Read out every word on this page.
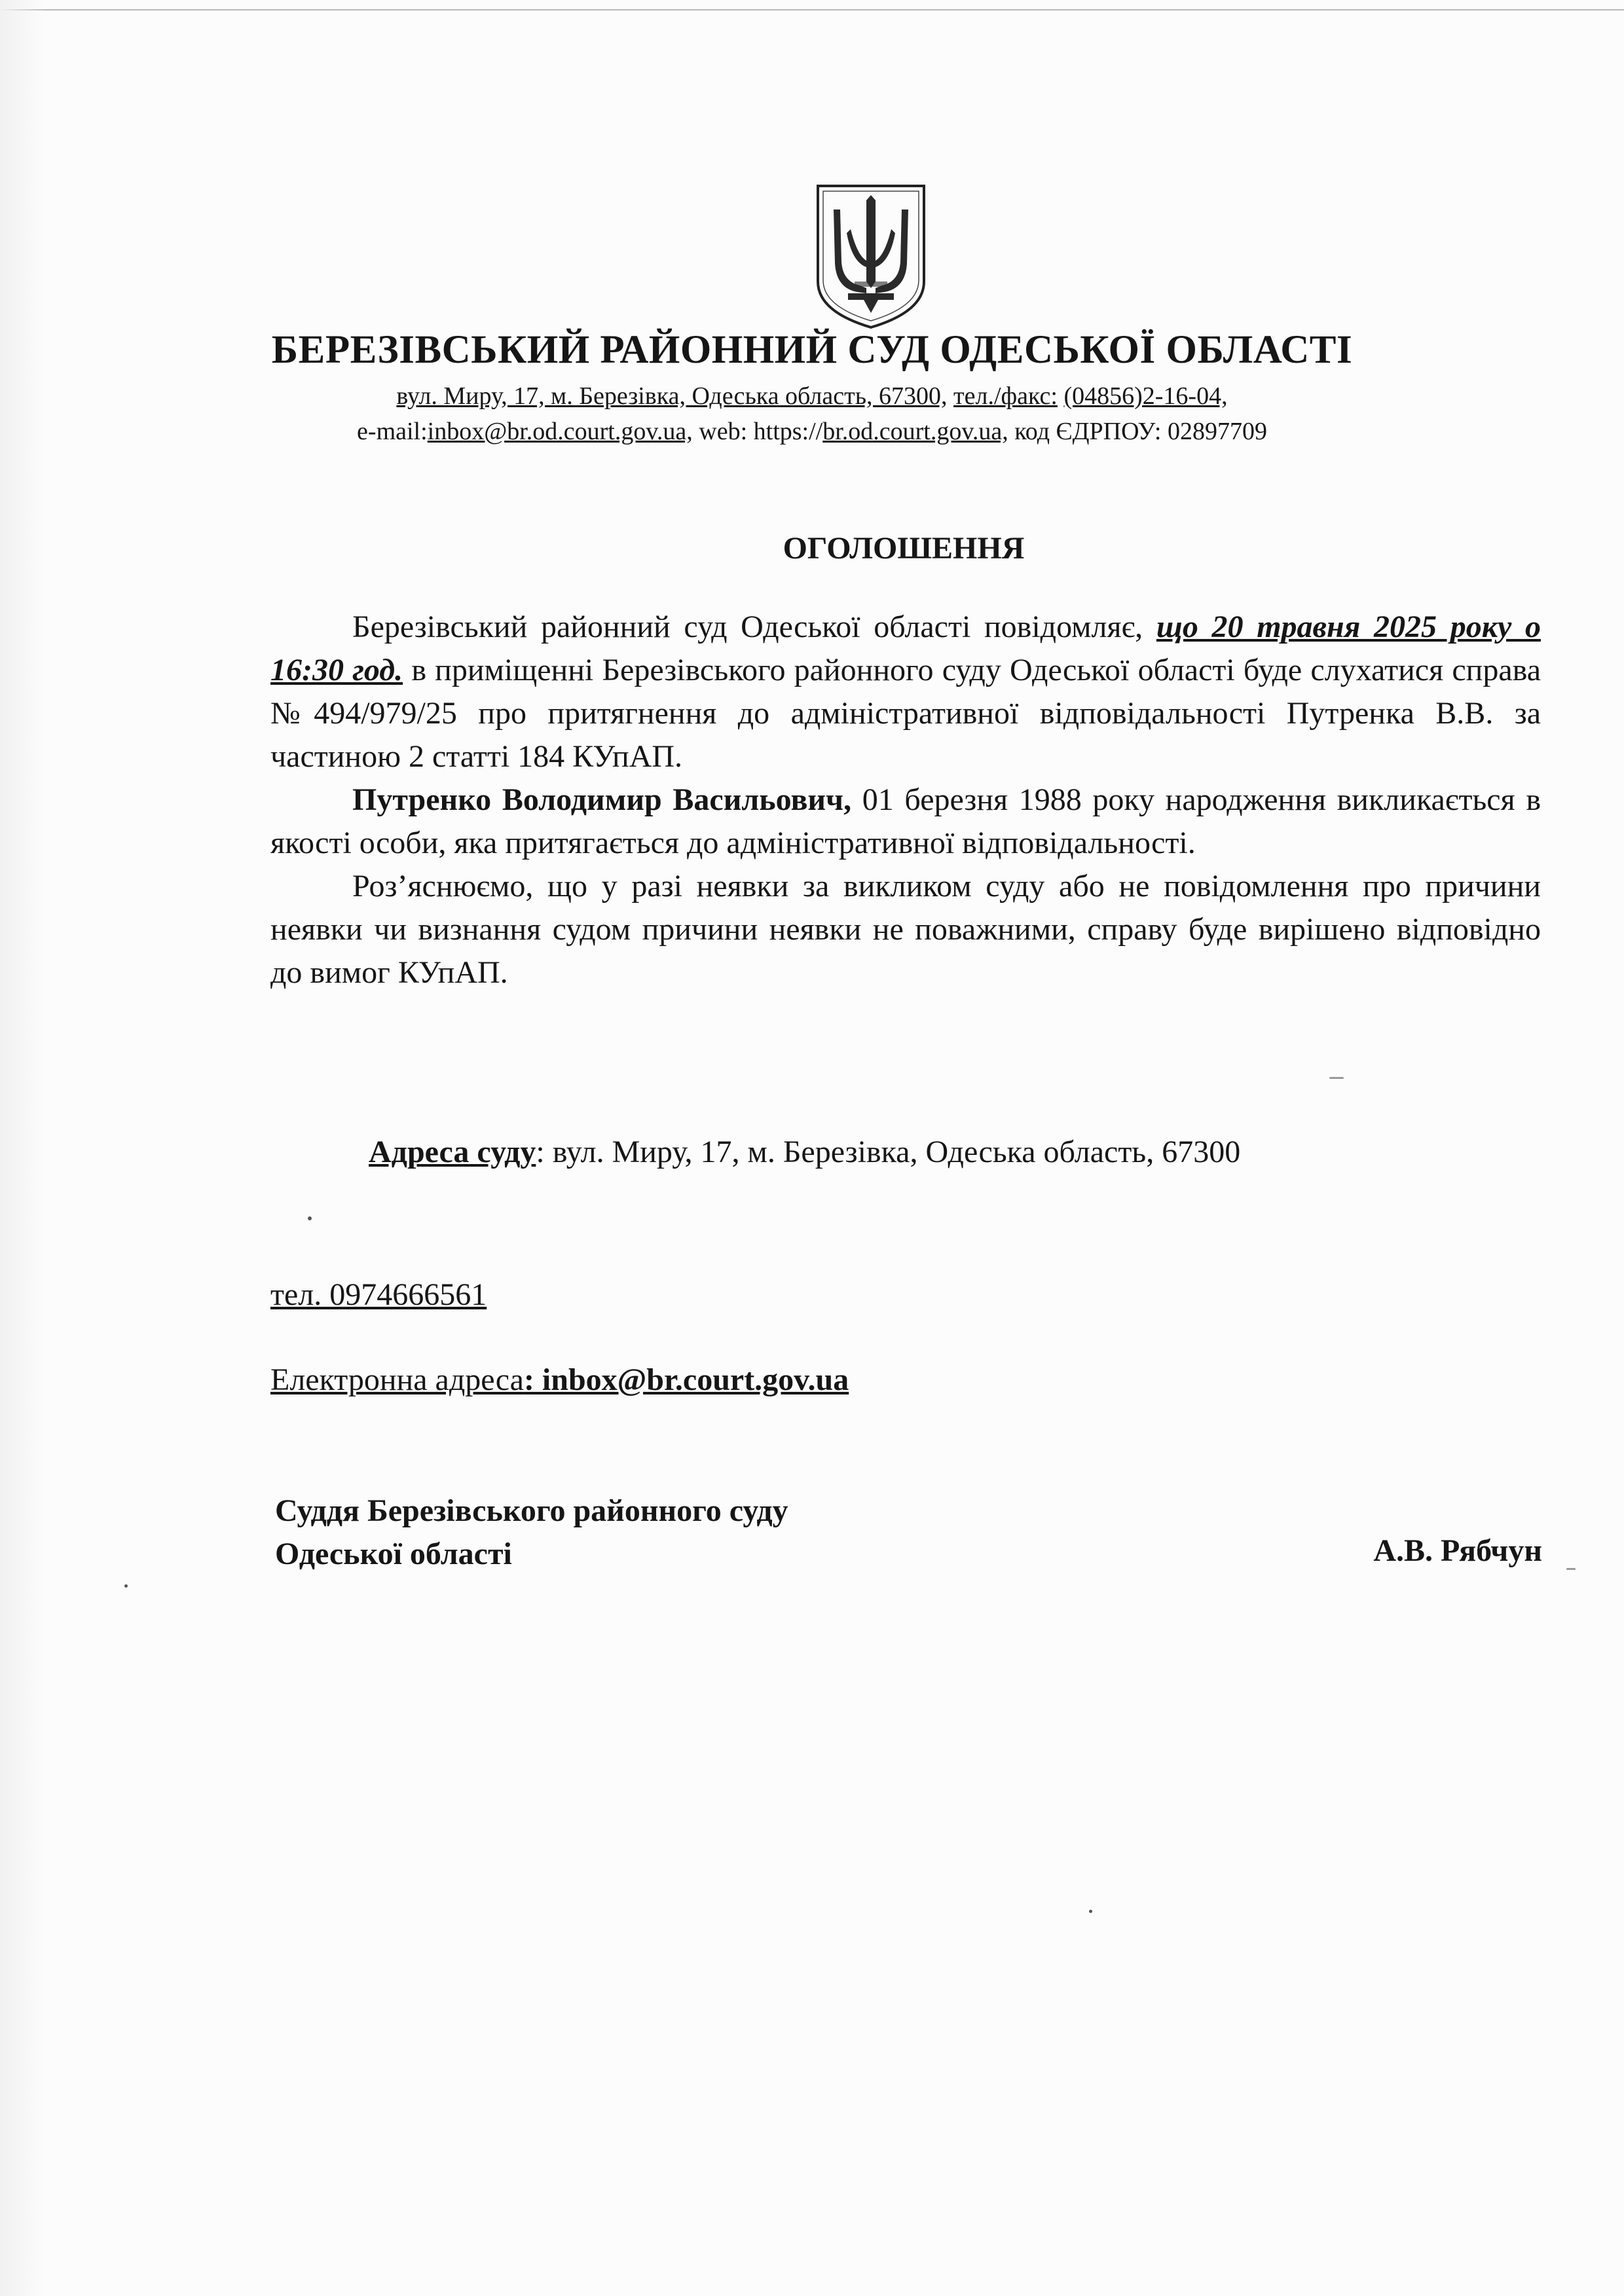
БЕРЕЗІВСЬКИЙ РАЙОННИЙ СУД ОДЕСЬКОЇ ОБЛАСТІ
вул. Миру, 17, м. Березівка, Одеська область, 67300, тел./факс: (04856)2-16-04,
e-mail:inbox@br.od.court.gov.ua, web: https://br.od.court.gov.ua, код ЄДРПОУ: 02897709
ОГОЛОШЕННЯ

Березівський районний суд Одеської області повідомляє, що 20 травня 2025 року о 16:30 год. в приміщенні Березівського районного суду Одеської області буде слухатися справа №494/979/25 про притягнення до адміністративної відповідальності Путренка В.В. за частиною 2 статті 184 КУпАП.

Путренко Володимир Васильович, 01 березня 1988 року народження викликається в якості особи, яка притягається до адміністративної відповідальності.

Роз’яснюємо, що у разі неявки за викликом суду або не повідомлення про причини неявки чи визнання судом причини неявки не поважними, справу буде вирішено відповідно до вимог КУпАП.

Адреса суду: вул. Миру, 17, м. Березівка, Одеська область, 67300
тел. 0974666561
Електронна адреса: inbox@br.court.gov.ua
Суддя Березівського районного суду
Одеської області	А.В. Рябчун
